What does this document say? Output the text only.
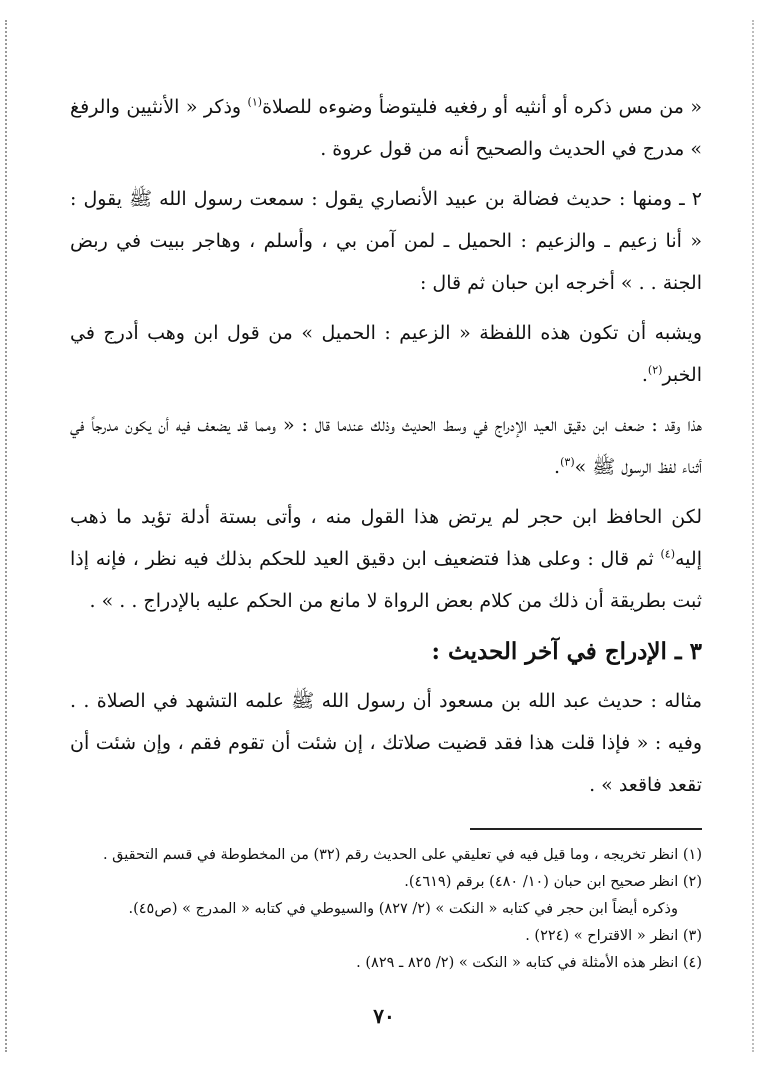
« من مس ذكره أو أنثيه أو رفغيه فليتوضأ وضوءه للصلاة$^{(١)}$ وذكر « الأنثيين والرفغ » مدرج في الحديث والصحيح أنه من قول عروة .

٢ ـ ومنها : حديث فضالة بن عبيد الأنصاري يقول : سمعت رسول الله ﷺ يقول : « أنا زعيم ـ والزعيم : الحميل ـ لمن آمن بي ، وأسلم ، وهاجر ببيت في ربض الجنة . . » أخرجه ابن حبان ثم قال :

ويشبه أن تكون هذه اللفظة « الزعيم : الحميل » من قول ابن وهب أدرج في الخبر$^{(٢)}$.

هذا وقد : ضعف ابن دقيق العيد الإدراج في وسط الحديث وذلك عندما قال : « ومما قد يضعف فيه أن يكون مدرجاً في أثناء لفظ الرسول ﷺ »$^{(٣)}$.

لكن الحافظ ابن حجر لم يرتض هذا القول منه ، وأتى بستة أدلة تؤيد ما ذهب إليه$^{(٤)}$ ثم قال : وعلى هذا فتضعيف ابن دقيق العيد للحكم بذلك فيه نظر ، فإنه إذا ثبت بطريقة أن ذلك من كلام بعض الرواة لا مانع من الحكم عليه بالإدراج . . » .

٣ ـ الإدراج في آخر الحديث :

مثاله : حديث عبد الله بن مسعود أن رسول الله ﷺ علمه التشهد في الصلاة . . وفيه : « فإذا قلت هذا فقد قضيت صلاتك ، إن شئت أن تقوم فقم ، وإن شئت أن تقعد فاقعد » .

(١) انظر تخريجه ، وما قيل فيه في تعليقي على الحديث رقم (٣٢) من المخطوطة في قسم التحقيق .

(٢) انظر صحيح ابن حبان (١٠/ ٤٨٠) برقم (٤٦١٩).

وذكره أيضاً ابن حجر في كتابه « النكت » (٢/ ٨٢٧) والسيوطي في كتابه « المدرج » (ص٤٥).

(٣) انظر « الاقتراح » (٢٢٤) .

(٤) انظر هذه الأمثلة في كتابه « النكت » (٢/ ٨٢٥ ـ ٨٢٩) .

٧٠
